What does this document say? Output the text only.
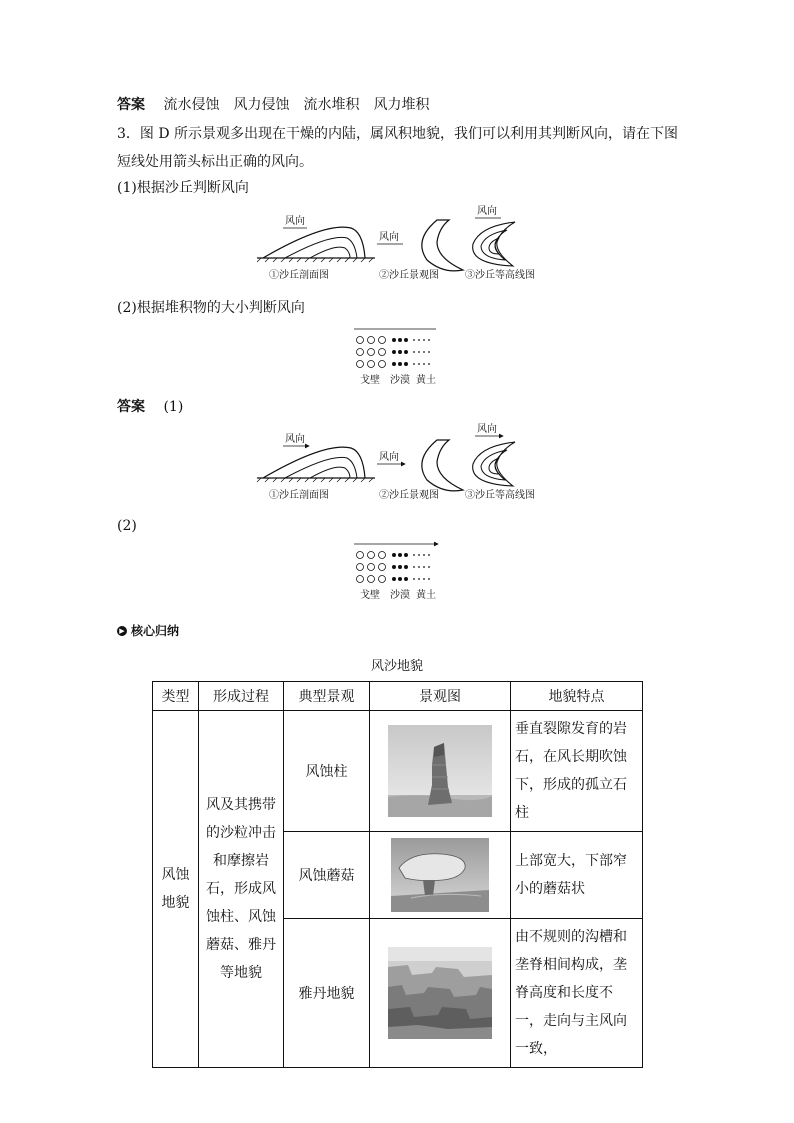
答案 流水侵蚀　风力侵蚀　流水堆积　风力堆积
3．图 D 所示景观多出现在干燥的内陆，属风积地貌，我们可以利用其判断风向，请在下图
短线处用箭头标出正确的风向。
(1)根据沙丘判断风向
风向
风向
风向
①沙丘剖面图	②沙丘景观图	③沙丘等高线图
(2)根据堆积物的大小判断风向
戈壁 沙漠 黄土
答案 (1)
风向
风向
风向
①沙丘剖面图	②沙丘景观图	③沙丘等高线图
(2)
戈壁 沙漠 黄土
▶ 核心归纳
风沙地貌
类型	形成过程	典型景观	景观图	地貌特点
风蚀地貌	风及其携带的沙粒冲击和摩擦岩石，形成风蚀柱、风蚀蘑菇、雅丹等地貌	风蚀柱		垂直裂隙发育的岩石，在风长期吹蚀下，形成的孤立石柱
		风蚀蘑菇		上部宽大，下部窄小的蘑菇状
		雅丹地貌		由不规则的沟槽和垄脊相间构成，垄脊高度和长度不一，走向与主风向一致，
